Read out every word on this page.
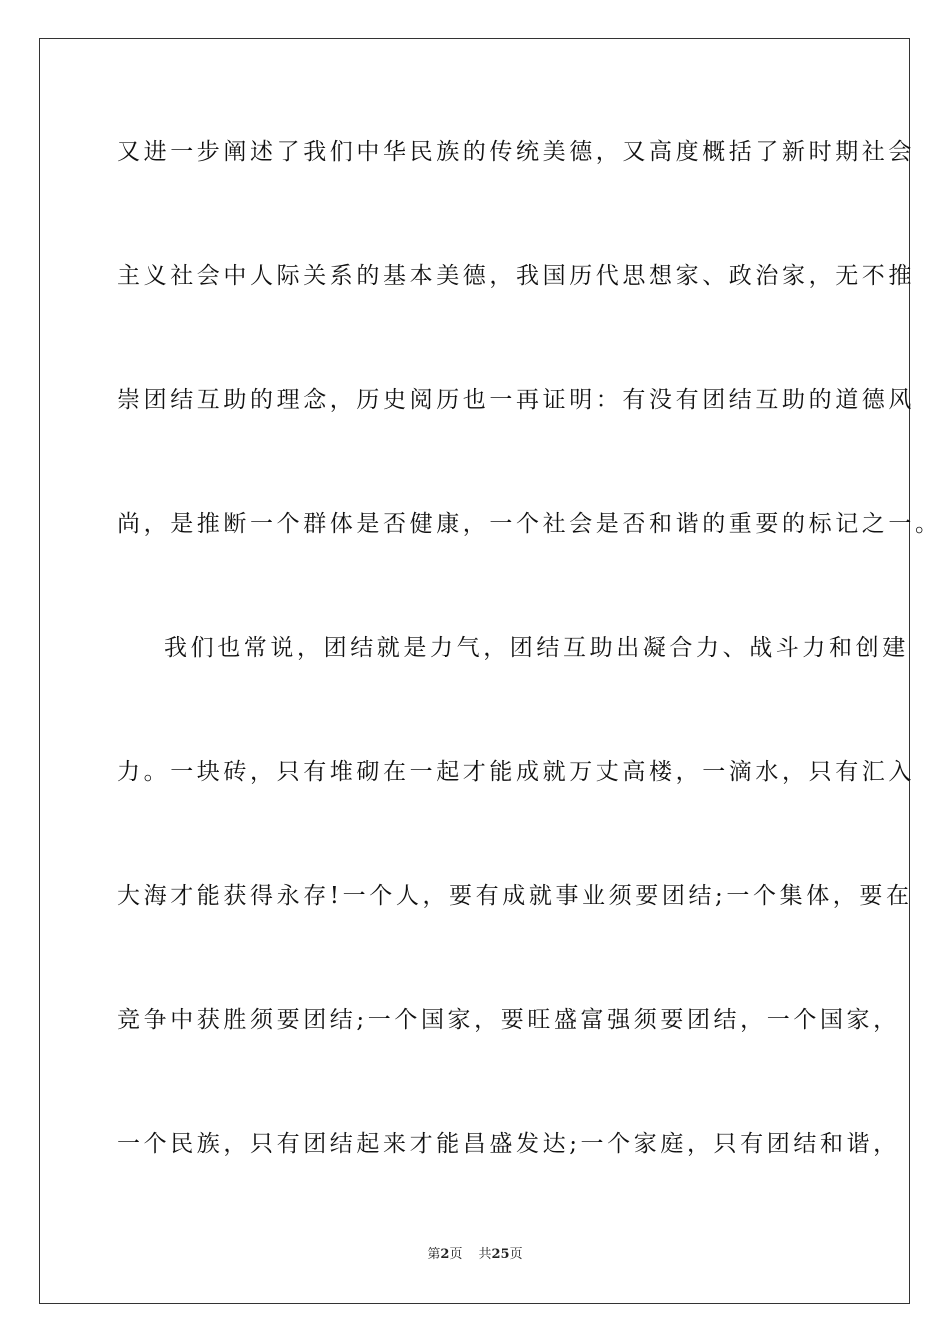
又进一步阐述了我们中华民族的传统美德，又高度概括了新时期社会
主义社会中人际关系的基本美德，我国历代思想家、政治家，无不推
崇团结互助的理念，历史阅历也一再证明：有没有团结互助的道德风
尚，是推断一个群体是否健康，一个社会是否和谐的重要的标记之一。
我们也常说，团结就是力气，团结互助出凝合力、战斗力和创建
力。一块砖，只有堆砌在一起才能成就万丈高楼，一滴水，只有汇入
大海才能获得永存!一个人，要有成就事业须要团结;一个集体，要在
竞争中获胜须要团结;一个国家，要旺盛富强须要团结，一个国家，
一个民族，只有团结起来才能昌盛发达;一个家庭，只有团结和谐，
第2页 共25页
